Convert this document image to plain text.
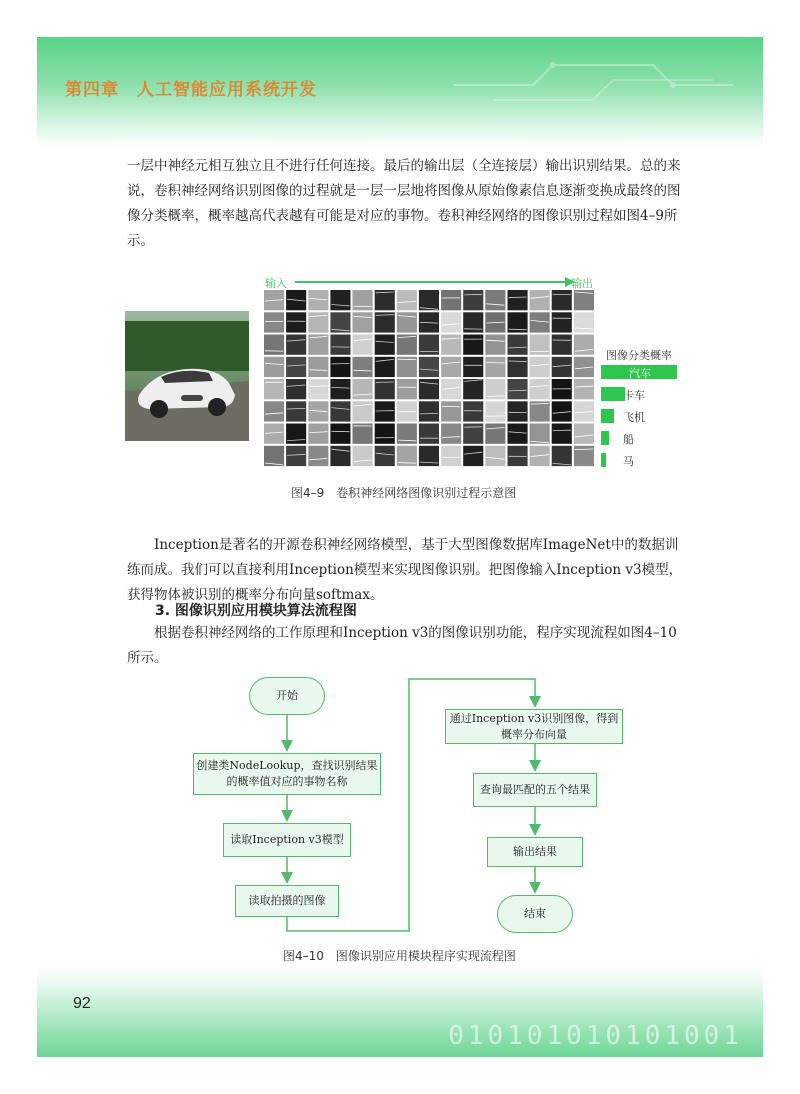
第四章　人工智能应用系统开发

一层中神经元相互独立且不进行任何连接。最后的输出层（全连接层）输出识别结果。总的来说，卷积神经网络识别图像的过程就是一层一层地将图像从原始像素信息逐渐变换成最终的图像分类概率，概率越高代表越有可能是对应的事物。卷积神经网络的图像识别过程如图4–9所示。

输入	输出
图像分类概率
汽车
卡车
飞机
船
马
图4–9　卷积神经网络图像识别过程示意图

Inception是著名的开源卷积神经网络模型，基于大型图像数据库ImageNet中的数据训练而成。我们可以直接利用Inception模型来实现图像识别。把图像输入Inception v3模型，获得物体被识别的概率分布向量softmax。

3. 图像识别应用模块算法流程图

根据卷积神经网络的工作原理和Inception v3的图像识别功能，程序实现流程如图4–10所示。

开始
创建类NodeLookup，查找识别结果的概率值对应的事物名称
读取Inception v3模型
读取拍摄的图像
通过Inception v3识别图像，得到概率分布向量
查询最匹配的五个结果
输出结果
结束
图4–10　图像识别应用模块程序实现流程图
010101010101001
92
